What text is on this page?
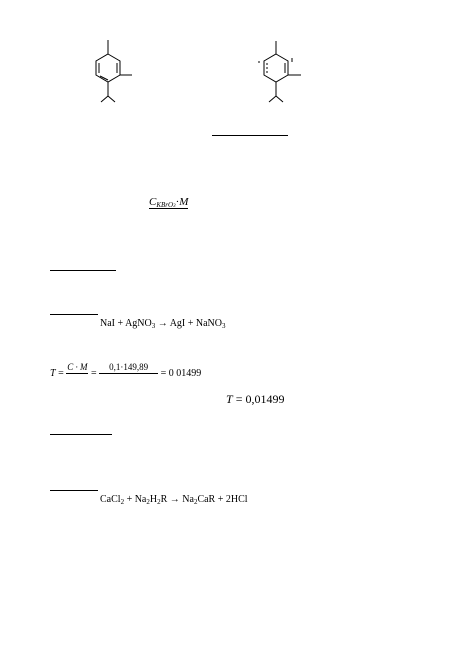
$C_{KBrO3}\cdot M$
NaI + AgNO$_3$ → AgI + NaNO$_3$
$T = \frac{C \cdot M}{1000} = \frac{0,1\cdot 149,89}{1000} = 0$ 01499
T = 0,01499
CaCl$_2$ + $Na_2H_2R \to Na_2CaR + 2HCl$
